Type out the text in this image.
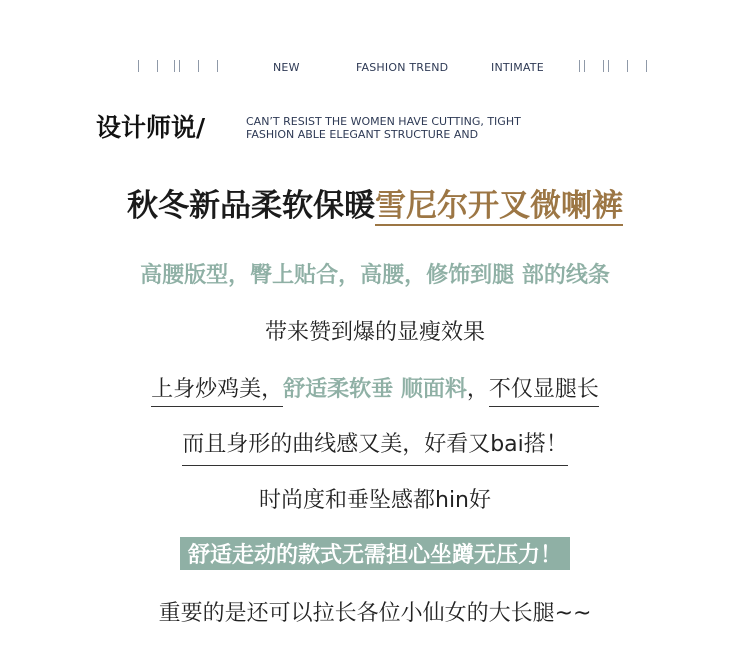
NEW	FASHION TREND	INTIMATE
设计师说/	CAN’T RESIST THE WOMEN HAVE CUTTING, TIGHT
FASHION ABLE ELEGANT STRUCTURE AND
秋冬新品柔软保暖雪尼尔开叉微喇裤
高腰版型，臀上贴合，高腰，修饰到腿 部的线条
带来赞到爆的显瘦效果
上身炒鸡美，舒适柔软垂 顺面料，不仅显腿长
而且身形的曲线感又美，好看又bai搭！
时尚度和垂坠感都hin好
舒适走动的款式无需担心坐蹲无压力！
重要的是还可以拉长各位小仙女的大长腿~~
